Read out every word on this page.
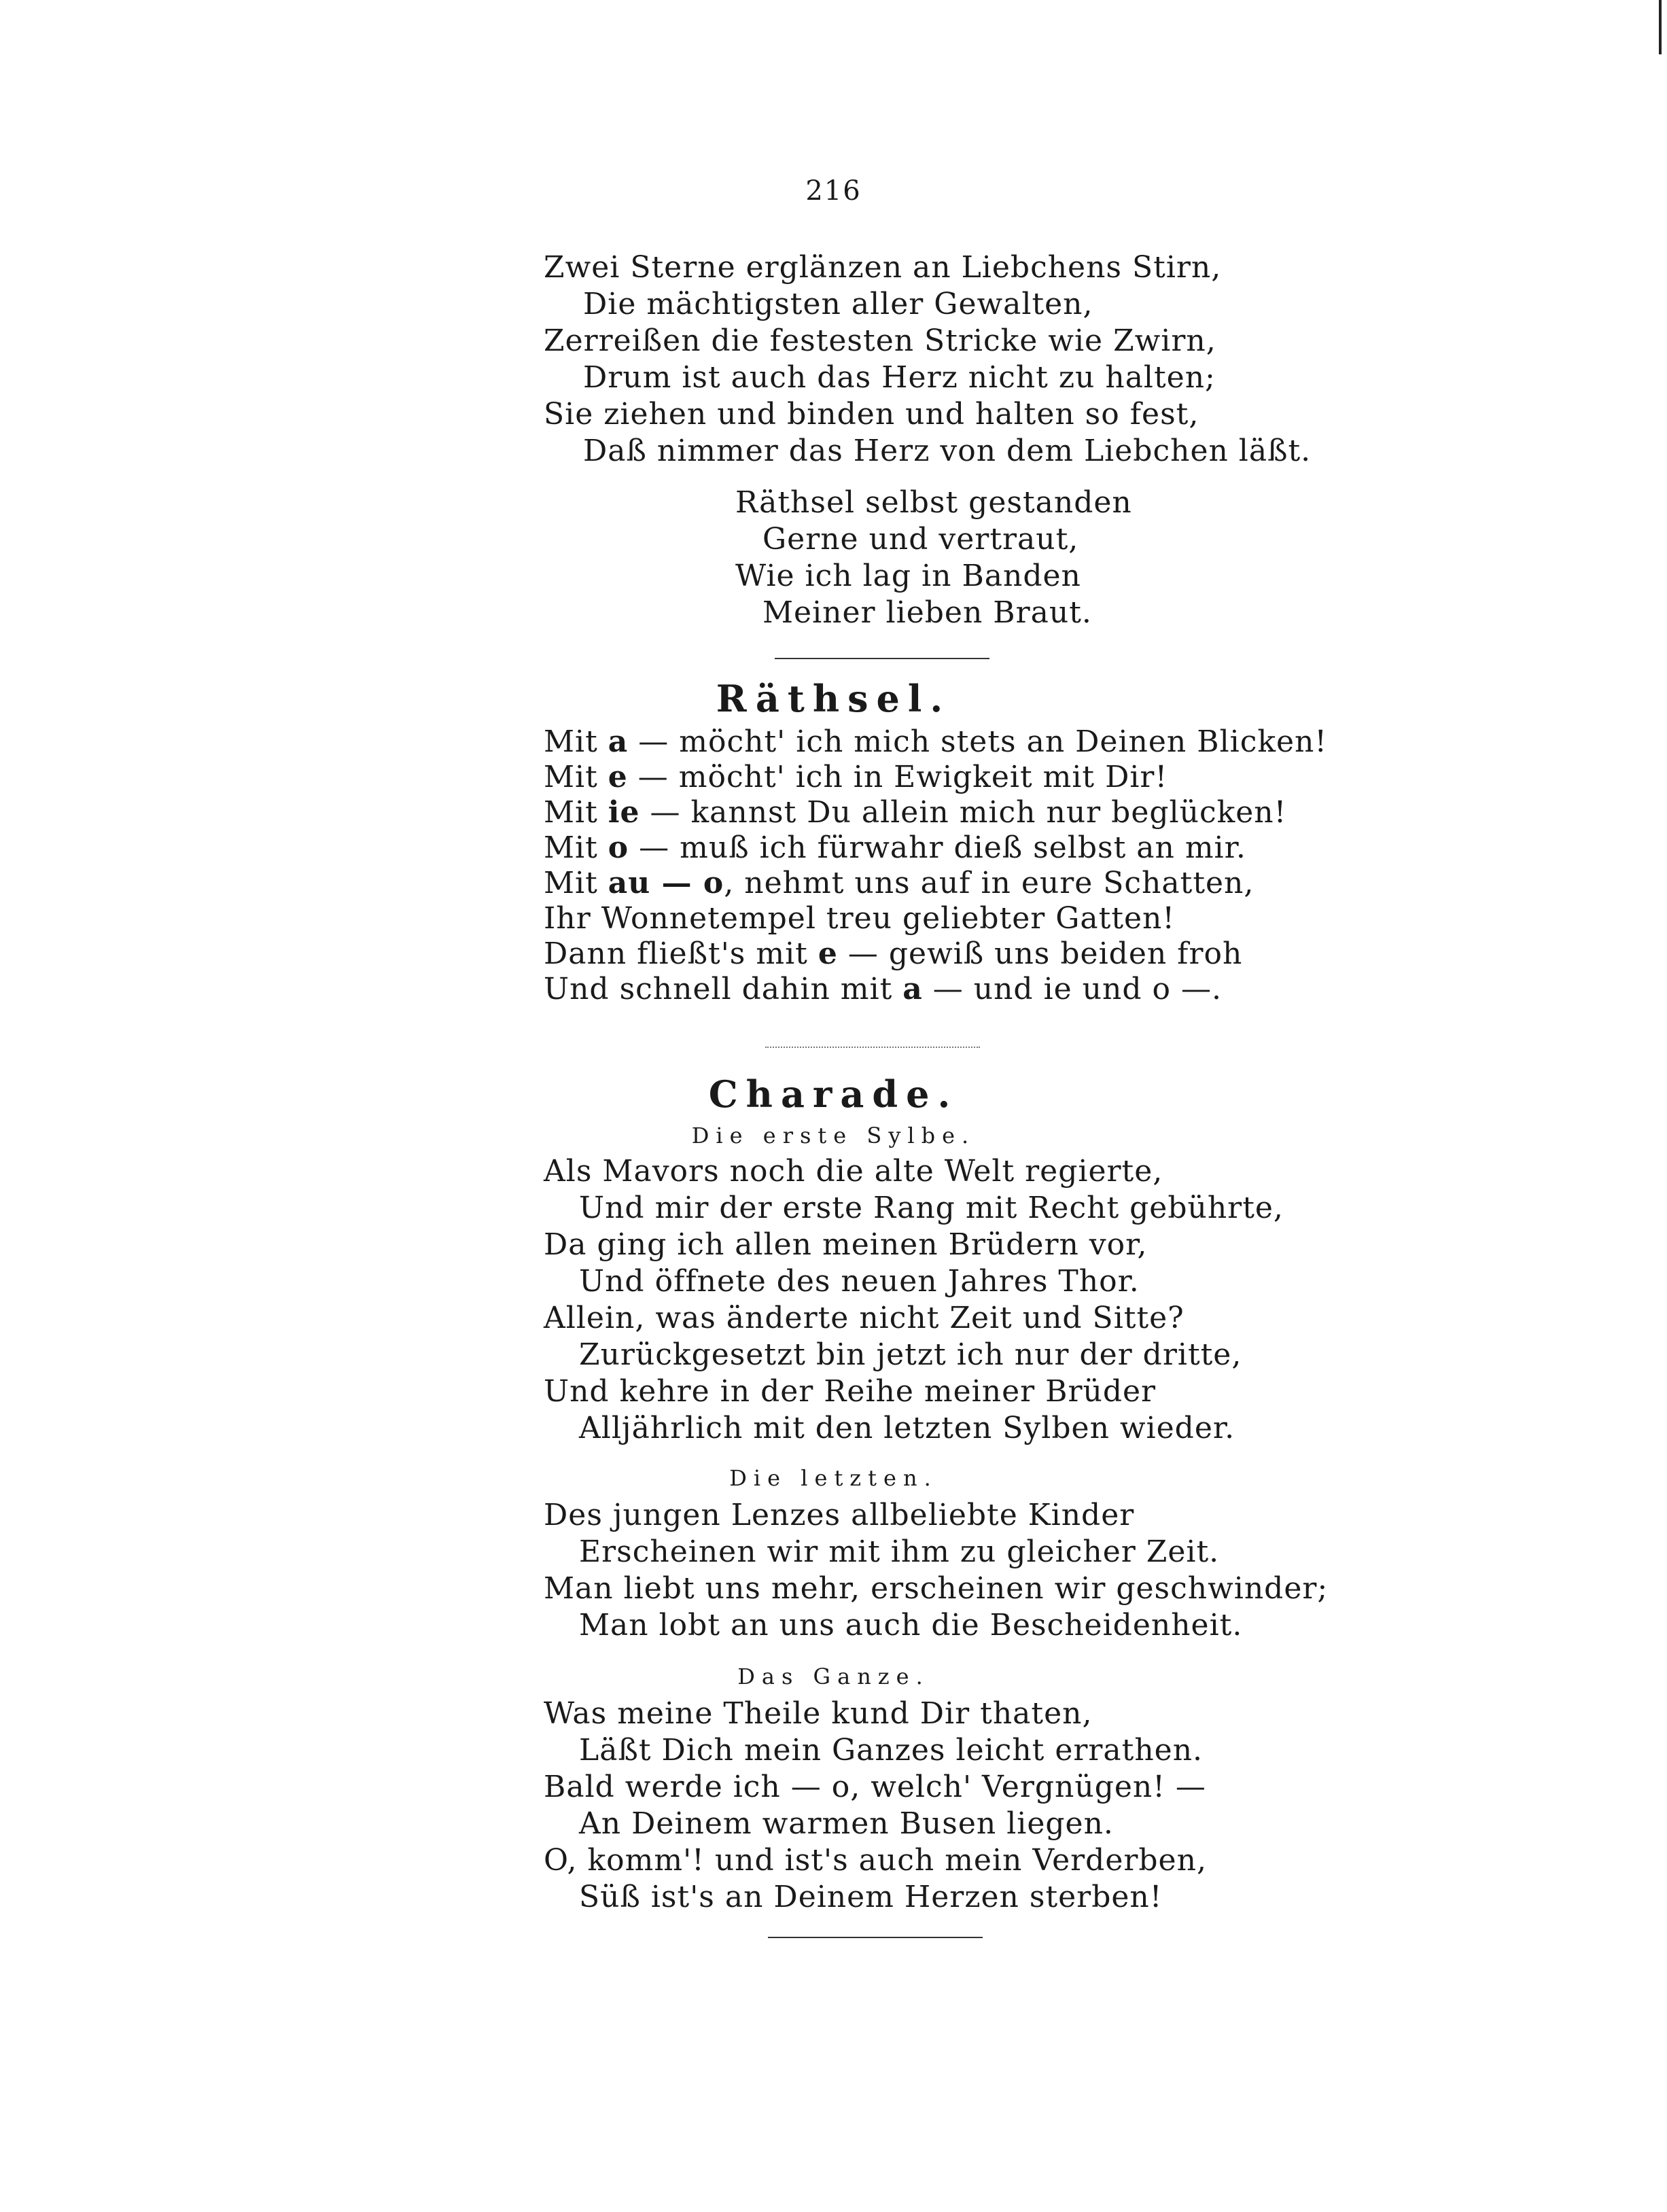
216
Zwei Sterne erglänzen an Liebchens Stirn,
Die mächtigsten aller Gewalten,
Zerreißen die festesten Stricke wie Zwirn,
Drum ist auch das Herz nicht zu halten;
Sie ziehen und binden und halten so fest,
Daß nimmer das Herz von dem Liebchen läßt.
Räthsel selbst gestanden
Gerne und vertraut,
Wie ich lag in Banden
Meiner lieben Braut.
Räthsel.
Mit a — möcht' ich mich stets an Deinen Blicken!
Mit e — möcht' ich in Ewigkeit mit Dir!
Mit ie — kannst Du allein mich nur beglücken!
Mit o — muß ich fürwahr dieß selbst an mir.
Mit au — o, nehmt uns auf in eure Schatten,
Ihr Wonnetempel treu geliebter Gatten!
Dann fließt's mit e — gewiß uns beiden froh
Und schnell dahin mit a — und ie und o —.
Charade.
Die erste Sylbe.
Als Mavors noch die alte Welt regierte,
Und mir der erste Rang mit Recht gebührte,
Da ging ich allen meinen Brüdern vor,
Und öffnete des neuen Jahres Thor.
Allein, was änderte nicht Zeit und Sitte?
Zurückgesetzt bin jetzt ich nur der dritte,
Und kehre in der Reihe meiner Brüder
Alljährlich mit den letzten Sylben wieder.
Die letzten.
Des jungen Lenzes allbeliebte Kinder
Erscheinen wir mit ihm zu gleicher Zeit.
Man liebt uns mehr, erscheinen wir geschwinder;
Man lobt an uns auch die Bescheidenheit.
Das Ganze.
Was meine Theile kund Dir thaten,
Läßt Dich mein Ganzes leicht errathen.
Bald werde ich — o, welch' Vergnügen! —
An Deinem warmen Busen liegen.
O, komm'! und ist's auch mein Verderben,
Süß ist's an Deinem Herzen sterben!
